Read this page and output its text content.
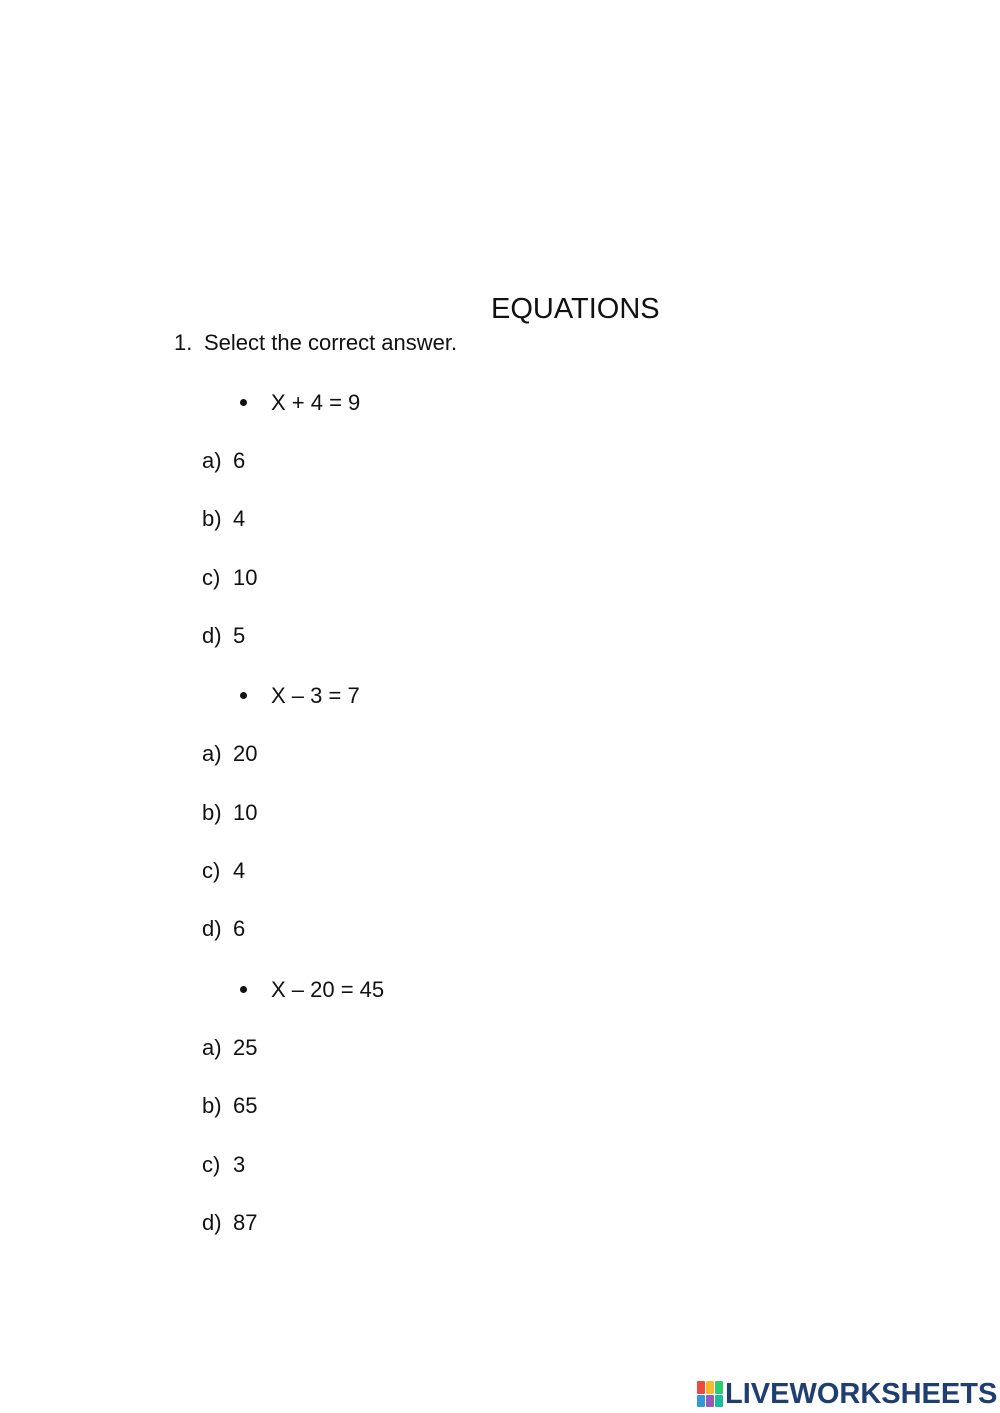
EQUATIONS
1. Select the correct answer.
X + 4 = 9
a) 6
b) 4
c) 10
d) 5
X – 3 = 7
a) 20
b) 10
c) 4
d) 6
X – 20 = 45
a) 25
b) 65
c) 3
d) 87
LIVEWORKSHEETS
